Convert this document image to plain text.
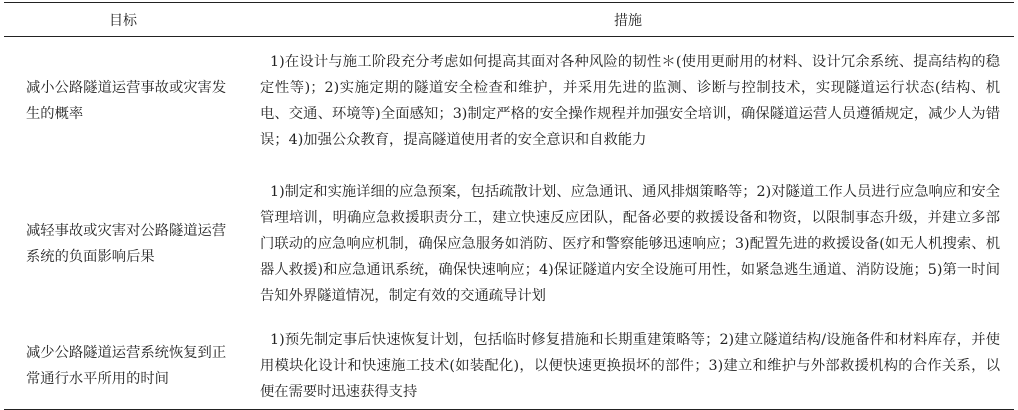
目标	措施
减小公路隧道运营事故或灾害发生的概率
1)在设计与施工阶段充分考虑如何提高其面对各种风险的韧性＊(使用更耐用的材料、设计冗余系统、提高结构的稳定性等)；2)实施定期的隧道安全检查和维护，并采用先进的监测、诊断与控制技术，实现隧道运行状态(结构、机电、交通、环境等)全面感知；3)制定严格的安全操作规程并加强安全培训，确保隧道运营人员遵循规定，减少人为错误；4)加强公众教育，提高隧道使用者的安全意识和自救能力
减轻事故或灾害对公路隧道运营系统的负面影响后果
1)制定和实施详细的应急预案，包括疏散计划、应急通讯、通风排烟策略等；2)对隧道工作人员进行应急响应和安全管理培训，明确应急救援职责分工，建立快速反应团队，配备必要的救援设备和物资，以限制事态升级，并建立多部门联动的应急响应机制，确保应急服务如消防、医疗和警察能够迅速响应；3)配置先进的救援设备(如无人机搜索、机器人救援)和应急通讯系统，确保快速响应；4)保证隧道内安全设施可用性，如紧急逃生通道、消防设施；5)第一时间告知外界隧道情况，制定有效的交通疏导计划
减少公路隧道运营系统恢复到正常通行水平所用的时间
1)预先制定事后快速恢复计划，包括临时修复措施和长期重建策略等；2)建立隧道结构/设施备件和材料库存，并使用模块化设计和快速施工技术(如装配化)，以便快速更换损坏的部件；3)建立和维护与外部救援机构的合作关系，以便在需要时迅速获得支持
